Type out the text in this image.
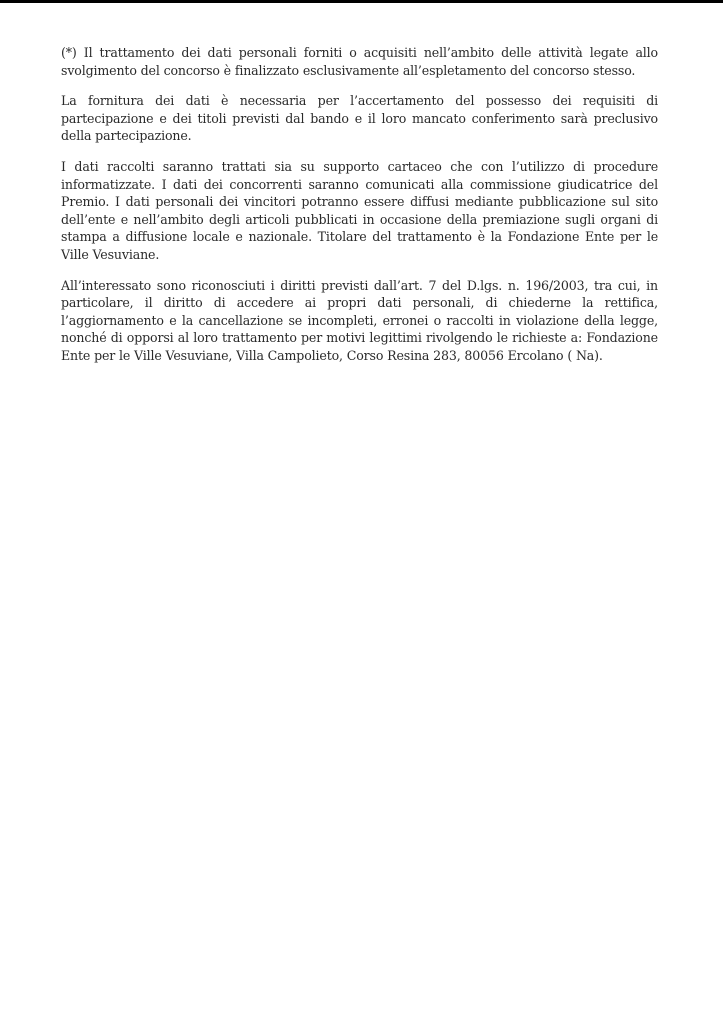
(*) Il trattamento dei dati personali forniti o acquisiti nell’ambito delle attività legate allo svolgimento del concorso è finalizzato esclusivamente all’espletamento del concorso stesso.

La fornitura dei dati è necessaria per l’accertamento del possesso dei requisiti di partecipazione e dei titoli previsti dal bando e il loro mancato conferimento sarà preclusivo della partecipazione.

I dati raccolti saranno trattati sia su supporto cartaceo che con l’utilizzo di procedure informatizzate. I dati dei concorrenti saranno comunicati alla commissione giudicatrice del Premio. I dati personali dei vincitori potranno essere diffusi mediante pubblicazione sul sito dell’ente e nell’ambito degli articoli pubblicati in occasione della premiazione sugli organi di stampa a diffusione locale e nazionale. Titolare del trattamento è la Fondazione Ente per le Ville Vesuviane.

All’interessato sono riconosciuti i diritti previsti dall’art. 7 del D.lgs. n. 196/2003, tra cui, in particolare, il diritto di accedere ai propri dati personali, di chiederne la rettifica, l’aggiornamento e la cancellazione se incompleti, erronei o raccolti in violazione della legge, nonché di opporsi al loro trattamento per motivi legittimi rivolgendo le richieste a: Fondazione Ente per le Ville Vesuviane, Villa Campolieto, Corso Resina 283, 80056 Ercolano ( Na).
